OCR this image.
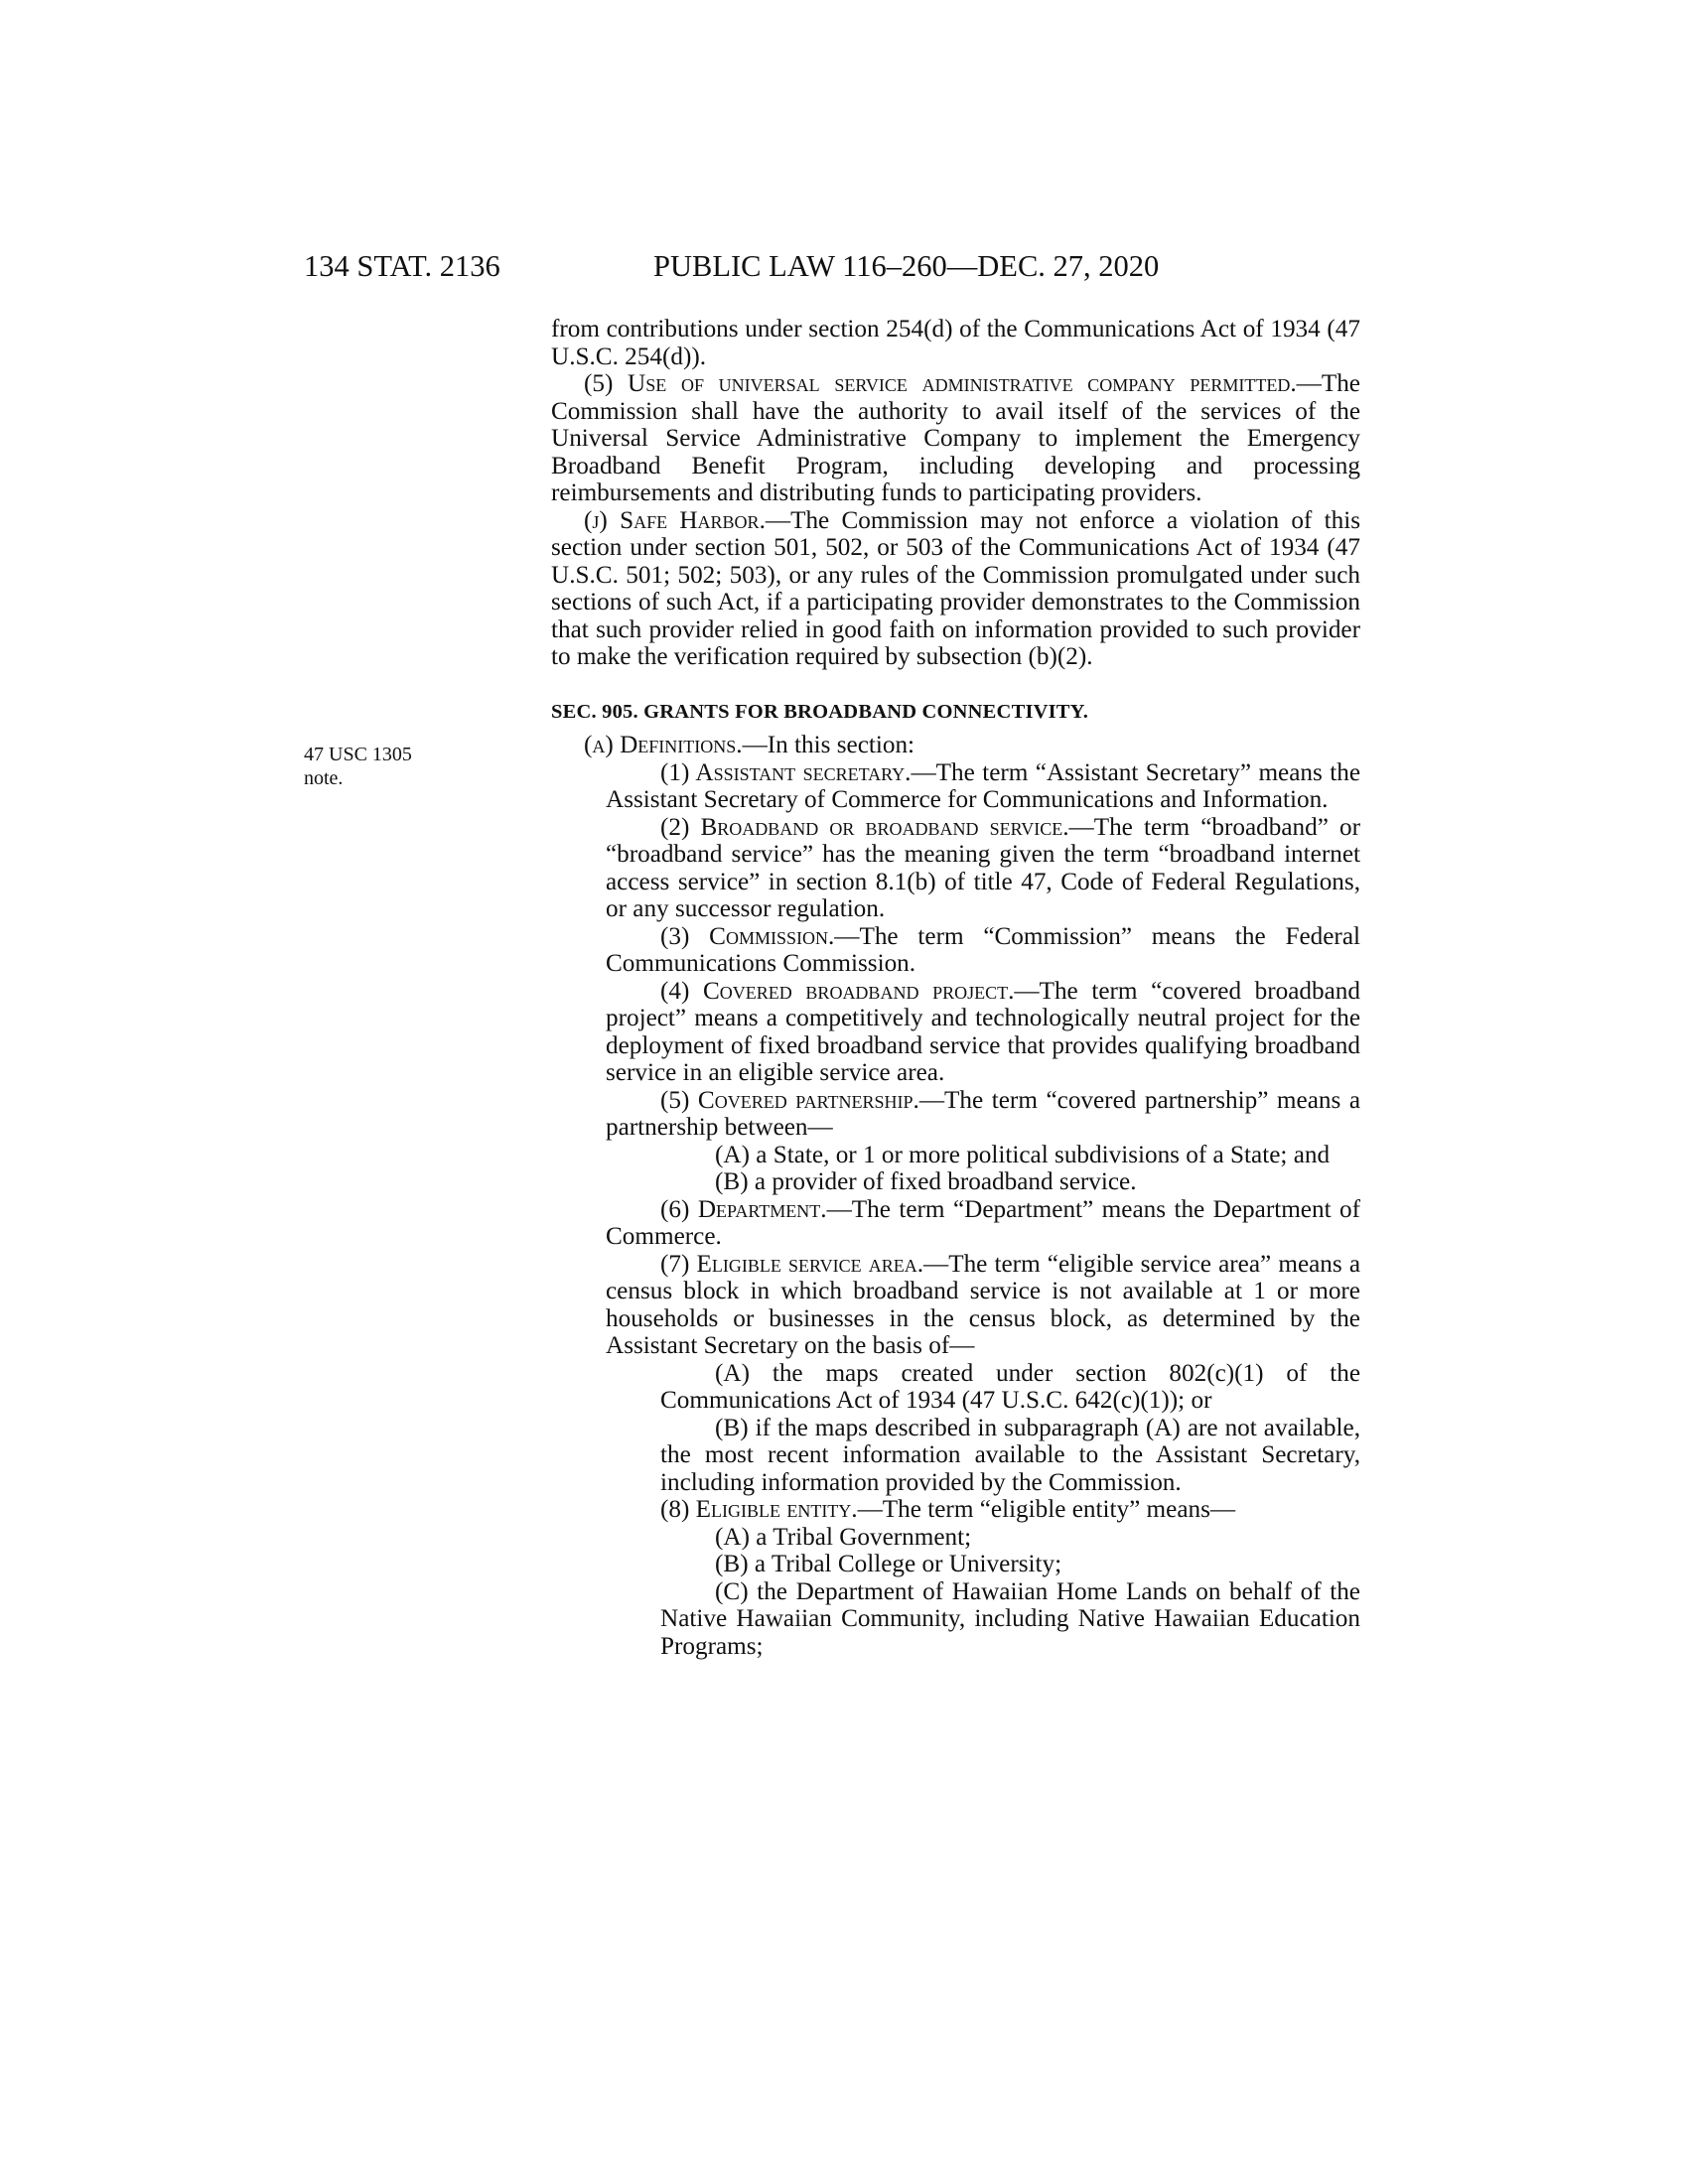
134 STAT. 2136	PUBLIC LAW 116–260—DEC. 27, 2020
47 USC 1305
note.

from contributions under section 254(d) of the Communications Act of 1934 (47 U.S.C. 254(d)).

(5) Use of universal service administrative company permitted.—The Commission shall have the authority to avail itself of the services of the Universal Service Administrative Company to implement the Emergency Broadband Benefit Program, including developing and processing reimbursements and distributing funds to participating providers.

(j) Safe Harbor.—The Commission may not enforce a violation of this section under section 501, 502, or 503 of the Communications Act of 1934 (47 U.S.C. 501; 502; 503), or any rules of the Commission promulgated under such sections of such Act, if a participating provider demonstrates to the Commission that such provider relied in good faith on information provided to such provider to make the verification required by subsection (b)(2).

SEC. 905. GRANTS FOR BROADBAND CONNECTIVITY.

(a) Definitions.—In this section:

(1) Assistant secretary.—The term “Assistant Secretary” means the Assistant Secretary of Commerce for Communications and Information.

(2) Broadband or broadband service.—The term “broadband” or “broadband service” has the meaning given the term “broadband internet access service” in section 8.1(b) of title 47, Code of Federal Regulations, or any successor regulation.

(3) Commission.—The term “Commission” means the Federal Communications Commission.

(4) Covered broadband project.—The term “covered broadband project” means a competitively and technologically neutral project for the deployment of fixed broadband service that provides qualifying broadband service in an eligible service area.

(5) Covered partnership.—The term “covered partnership” means a partnership between—

(A) a State, or 1 or more political subdivisions of a State; and

(B) a provider of fixed broadband service.

(6) Department.—The term “Department” means the Department of Commerce.

(7) Eligible service area.—The term “eligible service area” means a census block in which broadband service is not available at 1 or more households or businesses in the census block, as determined by the Assistant Secretary on the basis of—

(A) the maps created under section 802(c)(1) of the Communications Act of 1934 (47 U.S.C. 642(c)(1)); or

(B) if the maps described in subparagraph (A) are not available, the most recent information available to the Assistant Secretary, including information provided by the Commission.

(8) Eligible entity.—The term “eligible entity” means—

(A) a Tribal Government;

(B) a Tribal College or University;

(C) the Department of Hawaiian Home Lands on behalf of the Native Hawaiian Community, including Native Hawaiian Education Programs;
